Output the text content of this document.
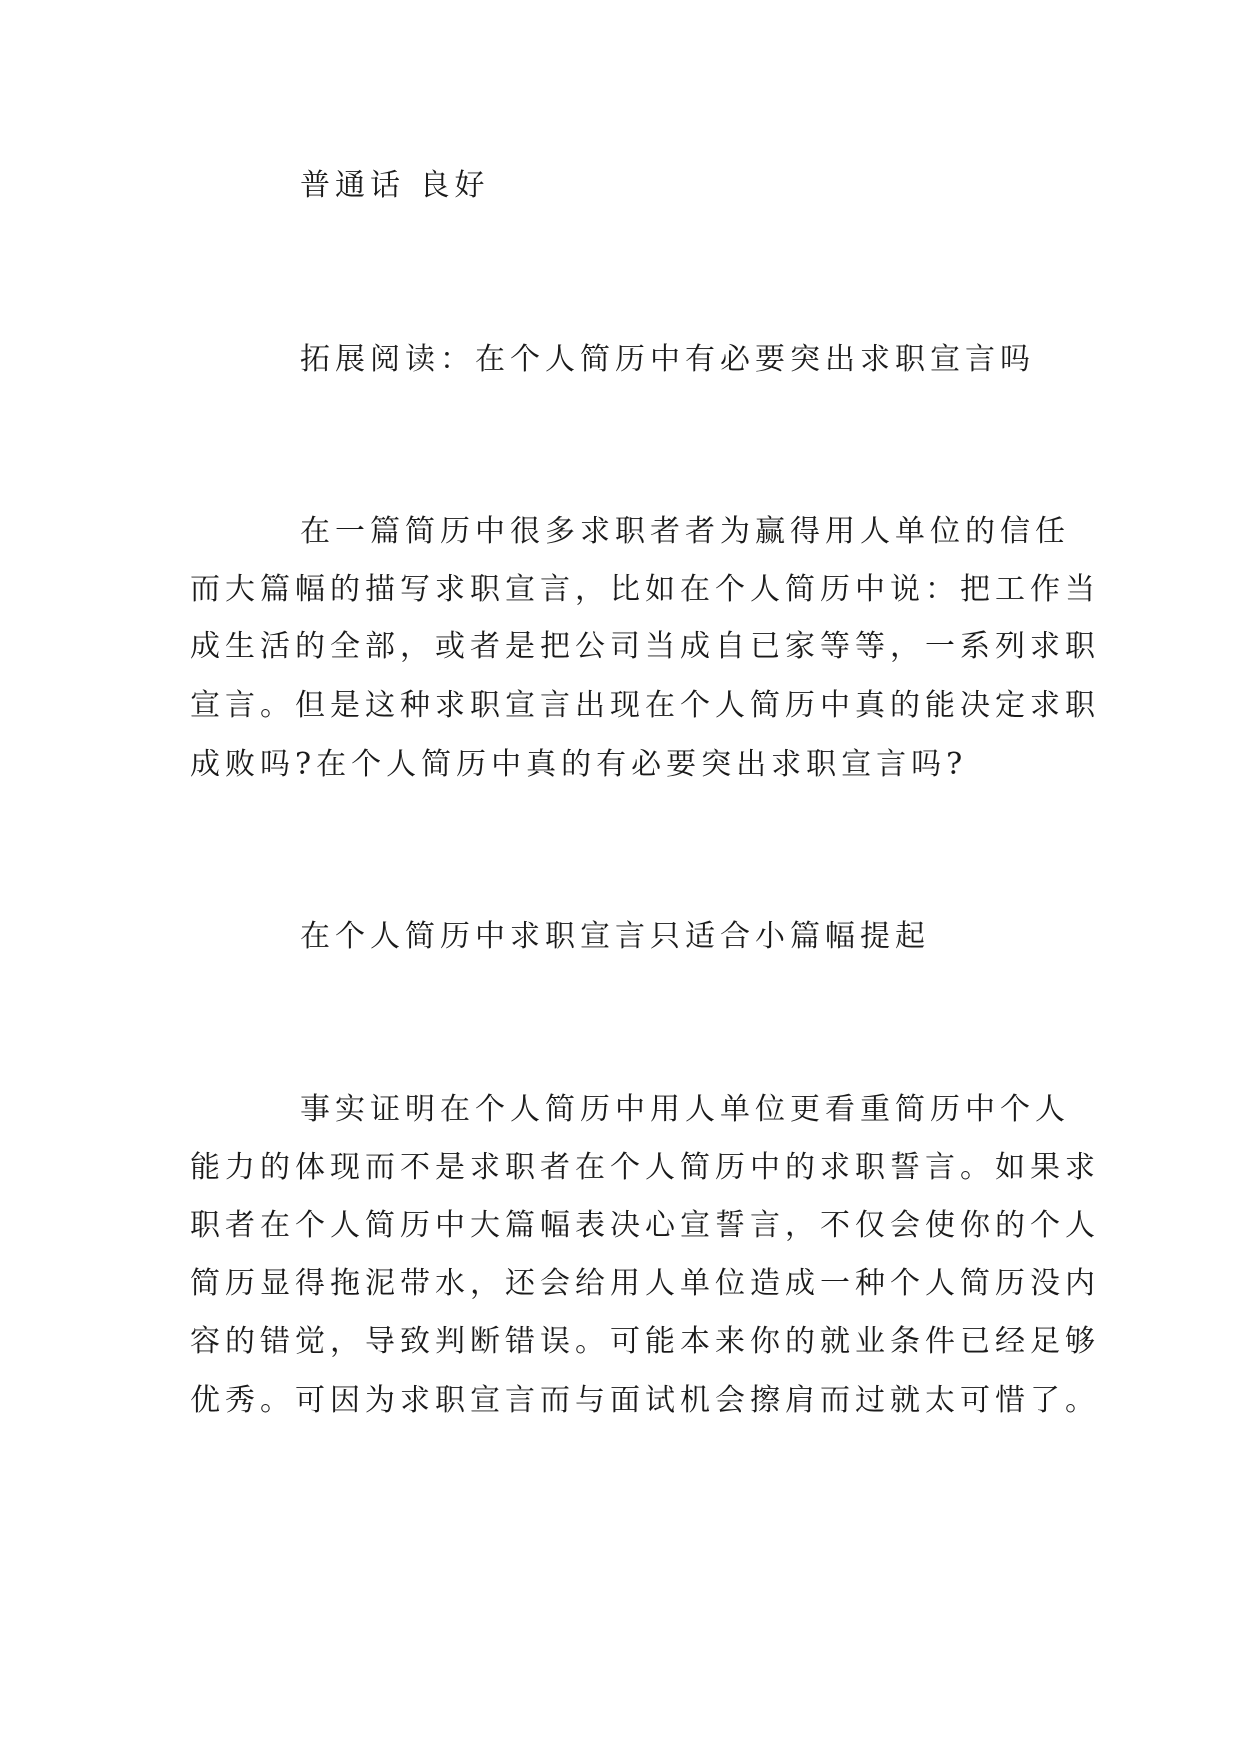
普通话 良好
拓展阅读：在个人简历中有必要突出求职宣言吗
在一篇简历中很多求职者者为赢得用人单位的信任
而大篇幅的描写求职宣言，比如在个人简历中说：把工作当
成生活的全部，或者是把公司当成自已家等等，一系列求职
宣言。但是这种求职宣言出现在个人简历中真的能决定求职
成败吗?在个人简历中真的有必要突出求职宣言吗?
在个人简历中求职宣言只适合小篇幅提起
事实证明在个人简历中用人单位更看重简历中个人
能力的体现而不是求职者在个人简历中的求职誓言。如果求
职者在个人简历中大篇幅表决心宣誓言，不仅会使你的个人
简历显得拖泥带水，还会给用人单位造成一种个人简历没内
容的错觉，导致判断错误。可能本来你的就业条件已经足够
优秀。可因为求职宣言而与面试机会擦肩而过就太可惜了。
